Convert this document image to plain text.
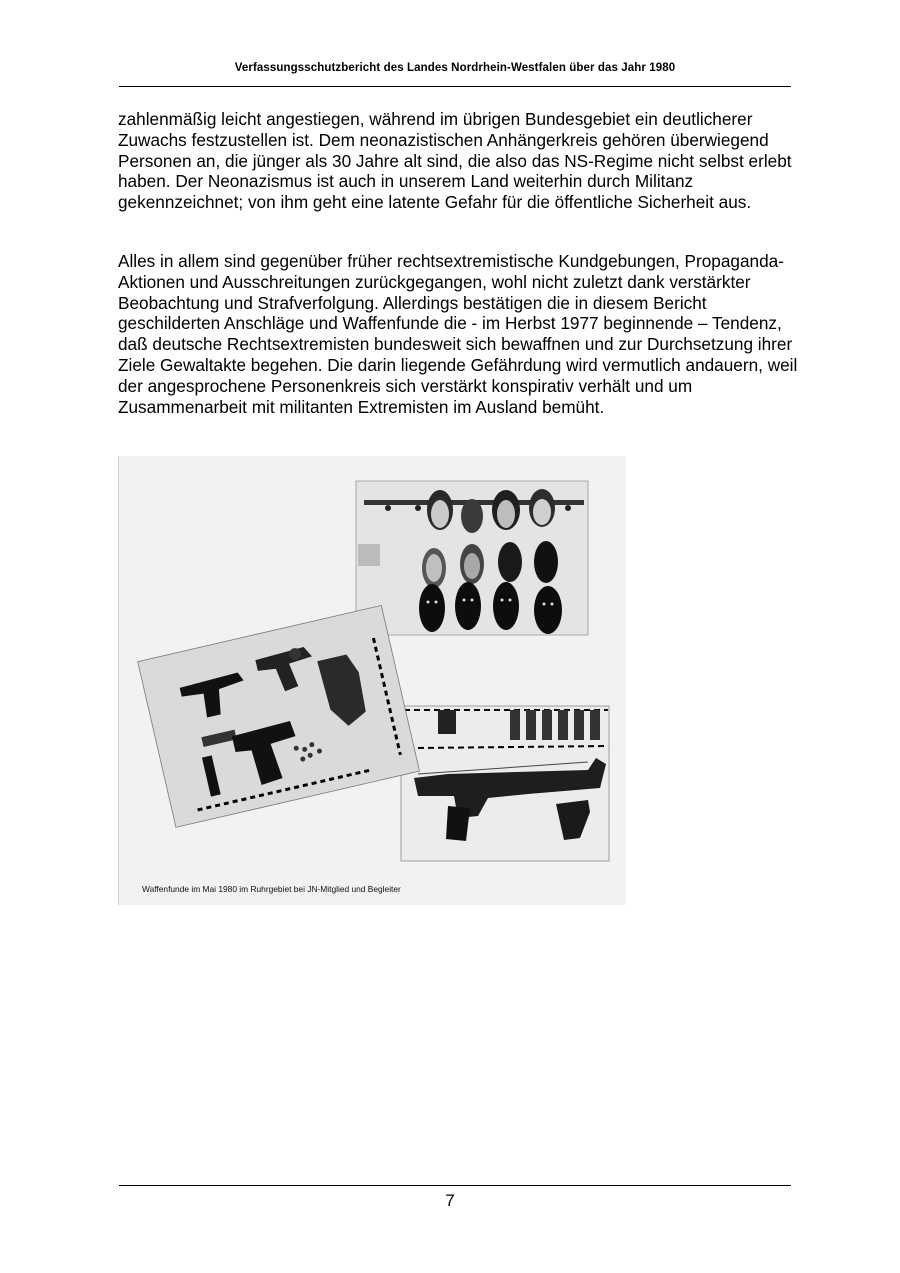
Verfassungsschutzbericht des Landes Nordrhein-Westfalen über das Jahr 1980

zahlenmäßig leicht angestiegen, während im übrigen Bundesgebiet ein deutlicherer Zuwachs festzustellen ist. Dem neonazistischen Anhängerkreis gehören überwiegend Personen an, die jünger als 30 Jahre alt sind, die also das NS-Regime nicht selbst erlebt haben. Der Neonazismus ist auch in unserem Land weiterhin durch Militanz gekennzeichnet; von ihm geht eine latente Gefahr für die öffentliche Sicherheit aus.

Alles in allem sind gegenüber früher rechtsextremistische Kundgebungen, Propaganda-Aktionen und Ausschreitungen zurückgegangen, wohl nicht zuletzt dank verstärkter Beobachtung und Strafverfolgung. Allerdings bestätigen die in diesem Bericht geschilderten Anschläge und Waffenfunde die - im Herbst 1977 beginnende – Tendenz, daß deutsche Rechtsextremisten bundesweit sich bewaffnen und zur Durchsetzung ihrer Ziele Gewaltakte begehen. Die darin liegende Gefährdung wird vermutlich andauern, weil der angesprochene Personenkreis sich verstärkt konspirativ verhält und um Zusammenarbeit mit militanten Extremisten im Ausland bemüht.

Waffenfunde im Mai 1980 im Ruhrgebiet bei JN-Mitglied und Begleiter
7
